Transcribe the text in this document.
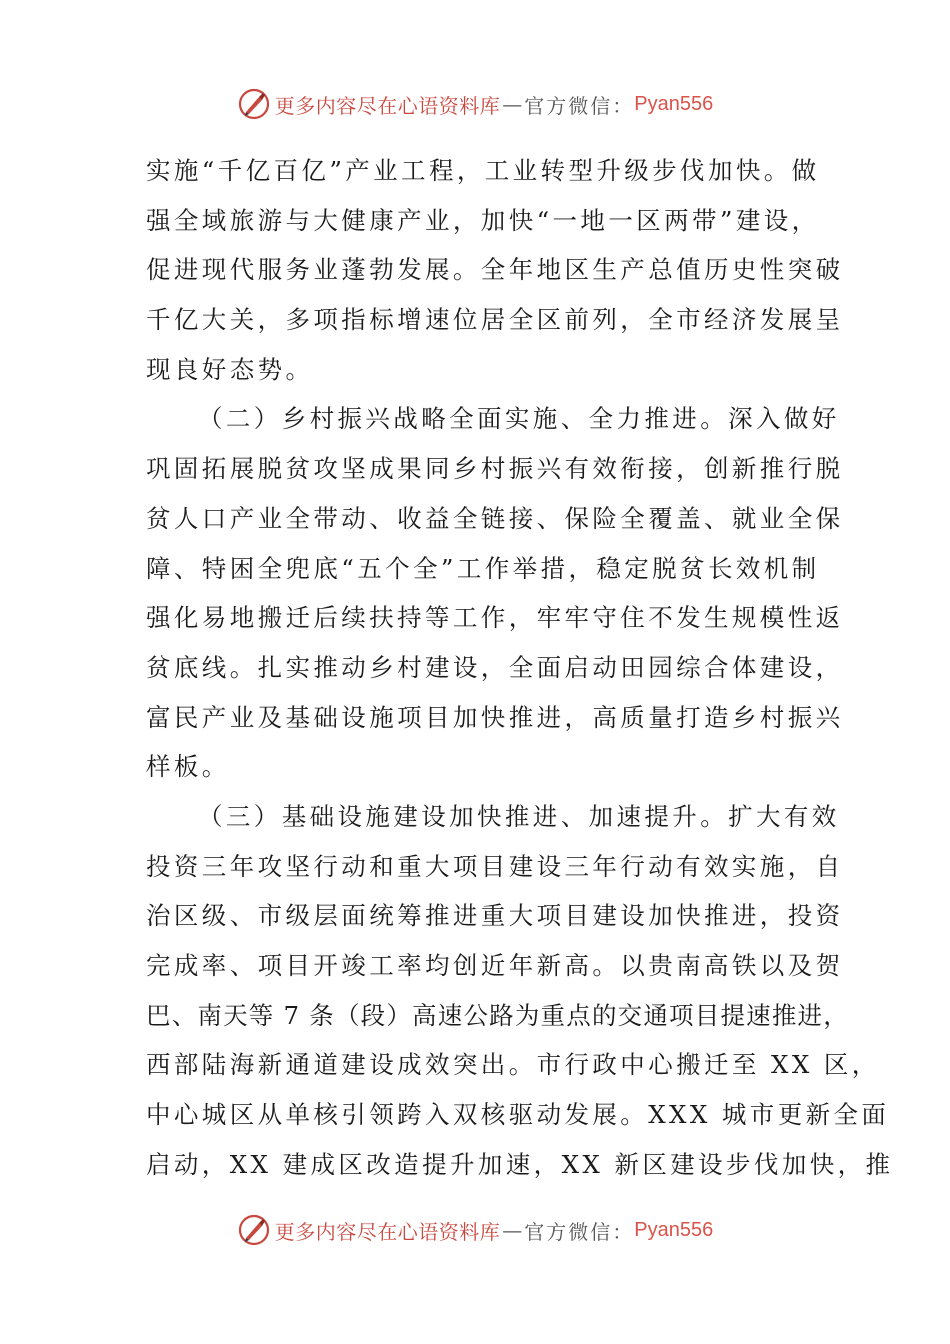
更多内容尽在心语资料库 — 官方微信： Pyan556
实施“千亿百亿”产业工程，工业转型升级步伐加快。做
强全域旅游与大健康产业，加快“一地一区两带”建设，
促进现代服务业蓬勃发展。全年地区生产总值历史性突破
千亿大关，多项指标增速位居全区前列，全市经济发展呈
现良好态势。
（二）乡村振兴战略全面实施、全力推进。深入做好
巩固拓展脱贫攻坚成果同乡村振兴有效衔接，创新推行脱
贫人口产业全带动、收益全链接、保险全覆盖、就业全保
障、特困全兜底“五个全”工作举措，稳定脱贫长效机制
强化易地搬迁后续扶持等工作，牢牢守住不发生规模性返
贫底线。扎实推动乡村建设，全面启动田园综合体建设，
富民产业及基础设施项目加快推进，高质量打造乡村振兴
样板。
（三）基础设施建设加快推进、加速提升。扩大有效
投资三年攻坚行动和重大项目建设三年行动有效实施，自
治区级、市级层面统筹推进重大项目建设加快推进，投资
完成率、项目开竣工率均创近年新高。以贵南高铁以及贺
巴、南天等 7 条（段）高速公路为重点的交通项目提速推进，
西部陆海新通道建设成效突出。市行政中心搬迁至 XX 区，
中心城区从单核引领跨入双核驱动发展。XXX 城市更新全面
启动，XX 建成区改造提升加速，XX 新区建设步伐加快，推
更多内容尽在心语资料库 — 官方微信： Pyan556
